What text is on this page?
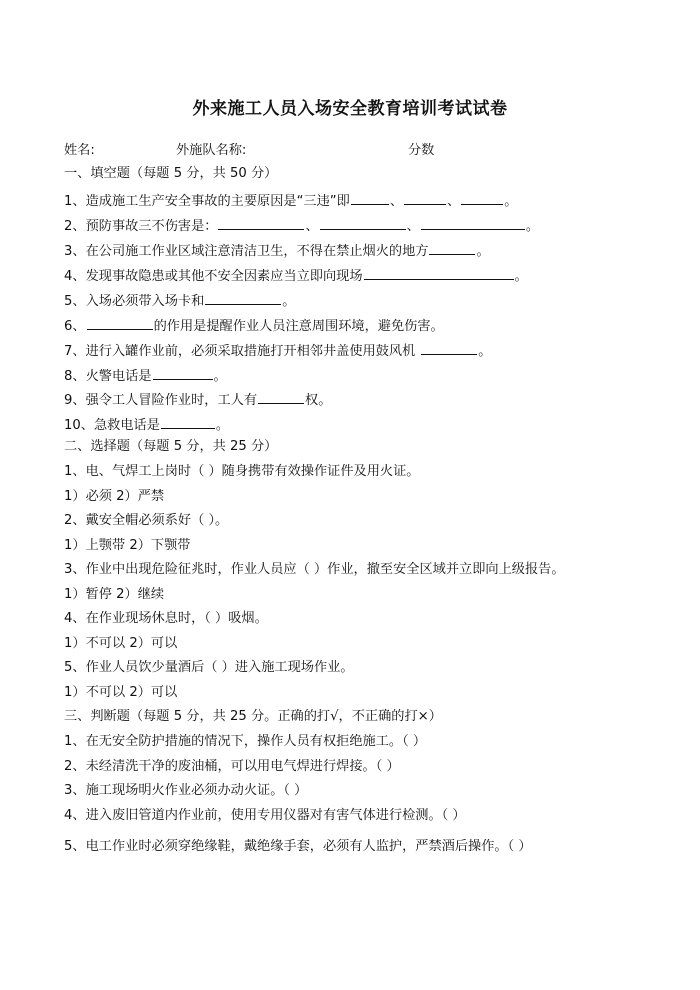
外来施工人员入场安全教育培训考试试卷
姓名:	外施队名称:	分数
一、填空题（每题 5 分，共 50 分）
1、造成施工生产安全事故的主要原因是“三违”即	、	、	。
2、预防事故三不伤害是：	、	、	。
3、在公司施工作业区域注意清洁卫生，不得在禁止烟火的地方	。
4、发现事故隐患或其他不安全因素应当立即向现场	。
5、入场必须带入场卡和	。
6、	的作用是提醒作业人员注意周围环境，避免伤害。
7、进行入罐作业前，必须采取措施打开相邻井盖使用鼓风机	。
8、火警电话是	。
9、强令工人冒险作业时，工人有	权。
10、急救电话是	。
二、选择题（每题 5 分，共 25 分）
1、电、气焊工上岗时（ ）随身携带有效操作证件及用火证。
1）必须 2）严禁
2、戴安全帽必须系好（ ）。
1）上颚带 2）下颚带
3、作业中出现危险征兆时，作业人员应（ ）作业，撤至安全区域并立即向上级报告。
1）暂停 2）继续
4、在作业现场休息时，（ ）吸烟。
1）不可以 2）可以
5、作业人员饮少量酒后（ ）进入施工现场作业。
1）不可以 2）可以
三、判断题（每题 5 分，共 25 分。正确的打√，不正确的打×）
1、在无安全防护措施的情况下，操作人员有权拒绝施工。（ ）
2、未经清洗干净的废油桶，可以用电气焊进行焊接。（ ）
3、施工现场明火作业必须办动火证。（ ）
4、进入废旧管道内作业前，使用专用仪器对有害气体进行检测。（ ）
5、电工作业时必须穿绝缘鞋，戴绝缘手套，必须有人监护，严禁酒后操作。（ ）
